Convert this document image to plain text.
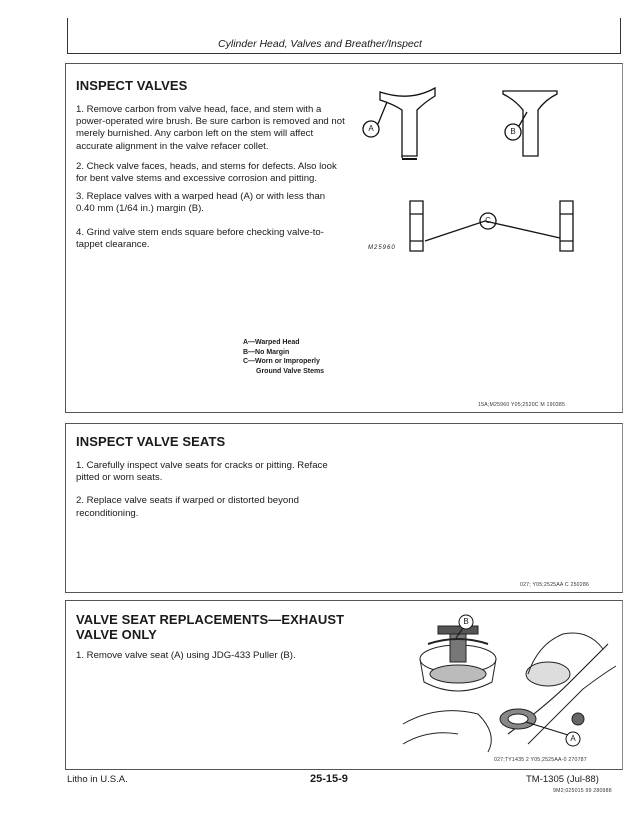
Cylinder Head, Valves and Breather/Inspect
INSPECT VALVES

1. Remove carbon from valve head, face, and stem with a power-operated wire brush. Be sure carbon is removed and not merely burnished. Any carbon left on the stem will affect accurate alignment in the valve refacer collet.

2. Check valve faces, heads, and stems for defects. Also look for bent valve stems and excessive corrosion and pitting.

3. Replace valves with a warped head (A) or with less than 0.40 mm (1/64 in.) margin (B).

4. Grind valve stem ends square before checking valve-to-tappet clearance.

A	B
C
M25960
A—Warped Head
B—No Margin
C—Worn or Improperly
Ground Valve Stems
15A;M25960 Y05;2520C M 190385
INSPECT VALVE SEATS

1. Carefully inspect valve seats for cracks or pitting. Reface pitted or worn seats.

2. Replace valve seats if warped or distorted beyond reconditioning.

027; Y05;2525AA C 250286
VALVE SEAT REPLACEMENTS—EXHAUST
VALVE ONLY

1. Remove valve seat (A) using JDG-433 Puller (B).

B
A
027;TY1435 2 Y05;2525AA-0 270787
Litho in U.S.A.	25-15-9	TM-1305 (Jul-88)
9M2;025015 99 280988
